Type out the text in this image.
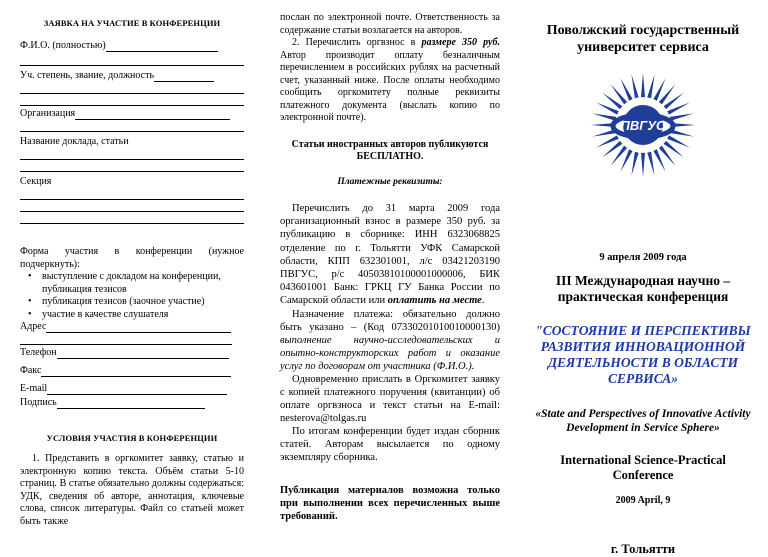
ЗАЯВКА НА УЧАСТИЕ В КОНФЕРЕНЦИИ

Ф.И.О. (полностью)

Уч. степень, звание, должность

Организация

Название доклада, статьи

Секция

Форма участия в конференции (нужное подчеркнуть):

• выступление с докладом на конференции, публикация тезисов
• публикация тезисов (заочное участие)
• участие в качестве слушателя

Адрес

Телефон

Факс

E-mail

Подпись

УСЛОВИЯ УЧАСТИЯ В КОНФЕРЕНЦИИ

1. Представить в оргкомитет заявку, статью и электронную копию текста. Объём статьи 5-10 страниц. В статье обязательно должны содержаться: УДК, сведения об авторе, аннотация, ключевые слова, список литературы. Файл со статьей может быть также

послан по электронной почте. Ответственность за содержание статьи возлагается на авторов.

2. Перечислить оргвзнос в размере 350 руб. Автор производит оплату безналичным перечислением в российских рублях на расчетный счет, указанный ниже. После оплаты необходимо сообщить оргкомитету полные реквизиты платежного документа (выслать копию по электронной почте).

Статьи иностранных авторов публикуются БЕСПЛАТНО.

Платежные реквизиты:

Перечислить до 31 марта 2009 года организационный взнос в размере 350 руб. за публикацию в сборнике: ИНН 6323068825 отделение по г. Тольятти УФК Самарской области, КПП 632301001, л/с 03421203190 ПВГУС, р/с 40503810100001000006, БИК 043601001 Банк: ГРКЦ ГУ Банка России по Самарской области или оплатить на месте.

Назначение платежа: обязательно должно быть указано – (Код 07330201010010000130) выполнение научно-исследовательских и опытно-конструкторских работ и оказание услуг по договорам от участника (Ф.И.О.).

Одновременно прислать в Оргкомитет заявку с копией платежного поручения (квитанции) об оплате оргвзноса и текст статьи на E-mail: nesterova@tolgas.ru

По итогам конференции будет издан сборник статей. Авторам высылается по одному экземпляру сборника.

Публикация материалов возможна только при выполнении всех перечисленных выше требований.

Поволжский государственный университет сервиса
ПВГУС
9 апреля 2009 года
III Международная научно – практическая конференция
"СОСТОЯНИЕ И ПЕРСПЕКТИВЫ РАЗВИТИЯ ИННОВАЦИОННОЙ ДЕЯТЕЛЬНОСТИ В ОБЛАСТИ СЕРВИСА»
«State and Perspectives of Innovative Activity Development in Service Sphere»
International Science-Practical Conference
2009 April, 9
г. Тольятти
